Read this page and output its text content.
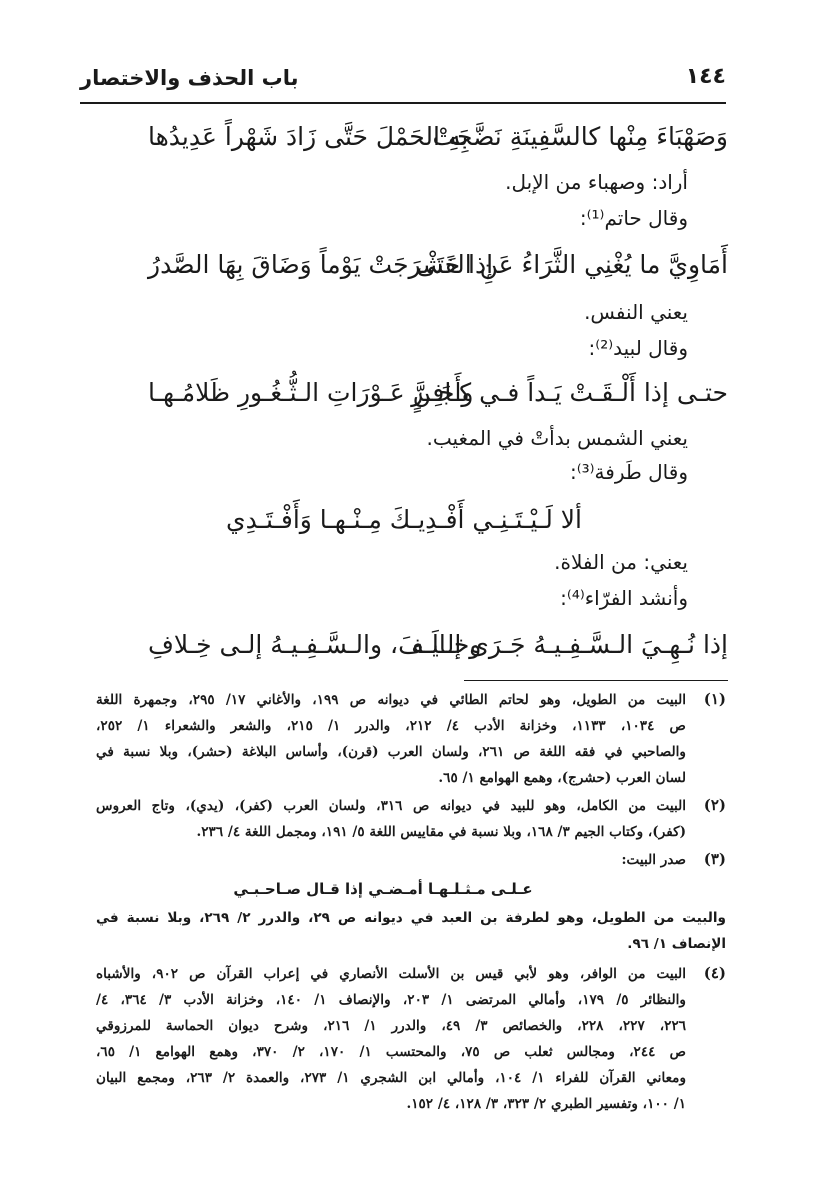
باب الحذف والاختصار	١٤٤
وَصَهْبَاءَ مِنْها كالسَّفِينَةِ نَضَّجَتْ
بِهِ الحَمْلَ حَتَّى زَادَ شَهْراً عَدِيدُها
أراد: وصهباء من الإبل.
وقال حاتم⁽¹⁾:
أَمَاوِيَّ ما يُغْنِي الثَّرَاءُ عَنِ الفَتَى
إذا حَشْرَجَتْ يَوْماً وَضَاقَ بِهَا الصَّدرُ
يعني النفس.
وقال لبيد⁽²⁾:
حتـى إذا أَلْـقَـتْ يَـداً فـي كـافِـرٍ
وأَجَـنَّ عَـوْرَاتِ الـثُّـغُـورِ ظَلامُـهـا
يعني الشمس بدأتْ في المغيب.
وقال طَرفة⁽³⁾:
ألا لَـيْـتَـنِـي أَفْـدِيـكَ مِـنْـهـا وَأَفْـتَـدِي
يعني: من الفلاة.
وأنشد الفرّاء⁽⁴⁾:
إذا نُـهِـيَ الـسَّـفِـيـهُ جَـرَى إلـيـه
وخـالَـفَ، والـسَّـفِـيـهُ إلـى خِـلافِ
(١)
البيت من الطويل، وهو لحاتم الطائي في ديوانه ص ١٩٩، والأغاني ١٧/ ٢٩٥، وجمهرة اللغة
ص ١٠٣٤، ١١٣٣، وخزانة الأدب ٤/ ٢١٢، والدرر ١/ ٢١٥، والشعر والشعراء ١/ ٢٥٢،
والصاحبي في فقه اللغة ص ٢٦١، ولسان العرب (قرن)، وأساس البلاغة (حشر)، وبلا نسبة في
لسان العرب (حشرج)، وهمع الهوامع ١/ ٦٥.
(٢)
البيت من الكامل، وهو للبيد في ديوانه ص ٣١٦، ولسان العرب (كفر)، (يدي)، وتاج العروس
(كفر)، وكتاب الجيم ٣/ ١٦٨، وبلا نسبة في مقاييس اللغة ٥/ ١٩١، ومجمل اللغة ٤/ ٢٣٦.
(٣)
صدر البيت:
عـلـى مـثـلـهـا أمـضـي إذا قـال صـاحـبـي
والبيت من الطويل، وهو لطرفة بن العبد في ديوانه ص ٢٩، والدرر ٢/ ٢٦٩، وبلا نسبة في
الإنصاف ١/ ٩٦.
(٤)
البيت من الوافر، وهو لأبي قيس بن الأسلت الأنصاري في إعراب القرآن ص ٩٠٢، والأشباه
والنظائر ٥/ ١٧٩، وأمالي المرتضى ١/ ٢٠٣، والإنصاف ١/ ١٤٠، وخزانة الأدب ٣/ ٣٦٤، ٤/
٢٢٦، ٢٢٧، ٢٢٨، والخصائص ٣/ ٤٩، والدرر ١/ ٢١٦، وشرح ديوان الحماسة للمرزوقي
ص ٢٤٤، ومجالس ثعلب ص ٧٥، والمحتسب ١/ ١٧٠، ٢/ ٣٧٠، وهمع الهوامع ١/ ٦٥،
ومعاني القرآن للفراء ١/ ١٠٤، وأمالي ابن الشجري ١/ ٢٧٣، والعمدة ٢/ ٢٦٣، ومجمع البيان
١/ ١٠٠، وتفسير الطبري ٢/ ٣٢٣، ٣/ ١٢٨، ٤/ ١٥٢.
